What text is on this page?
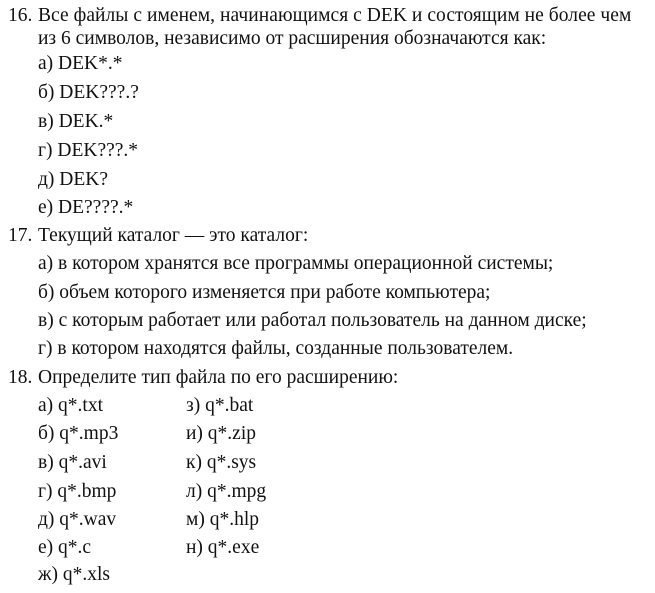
16. Все файлы с именем, начинающимся с DEK и состоящим не более чем
из 6 символов, независимо от расширения обозначаются как:
а) DEK*.*
б) DEK???.?
в) DEK.*
г) DEK???.*
д) DEK?
е) DE????.*
17. Текущий каталог — это каталог:
а) в котором хранятся все программы операционной системы;
б) объем которого изменяется при работе компьютера;
в) с которым работает или работал пользователь на данном диске;
г) в котором находятся файлы, созданные пользователем.
18. Определите тип файла по его расширению:
а) q*.txt
б) q*.mp3
в) q*.avi
г) q*.bmp
д) q*.wav
е) q*.c
ж) q*.xls
з) q*.bat
и) q*.zip
к) q*.sys
л) q*.mpg
м) q*.hlp
н) q*.exe
